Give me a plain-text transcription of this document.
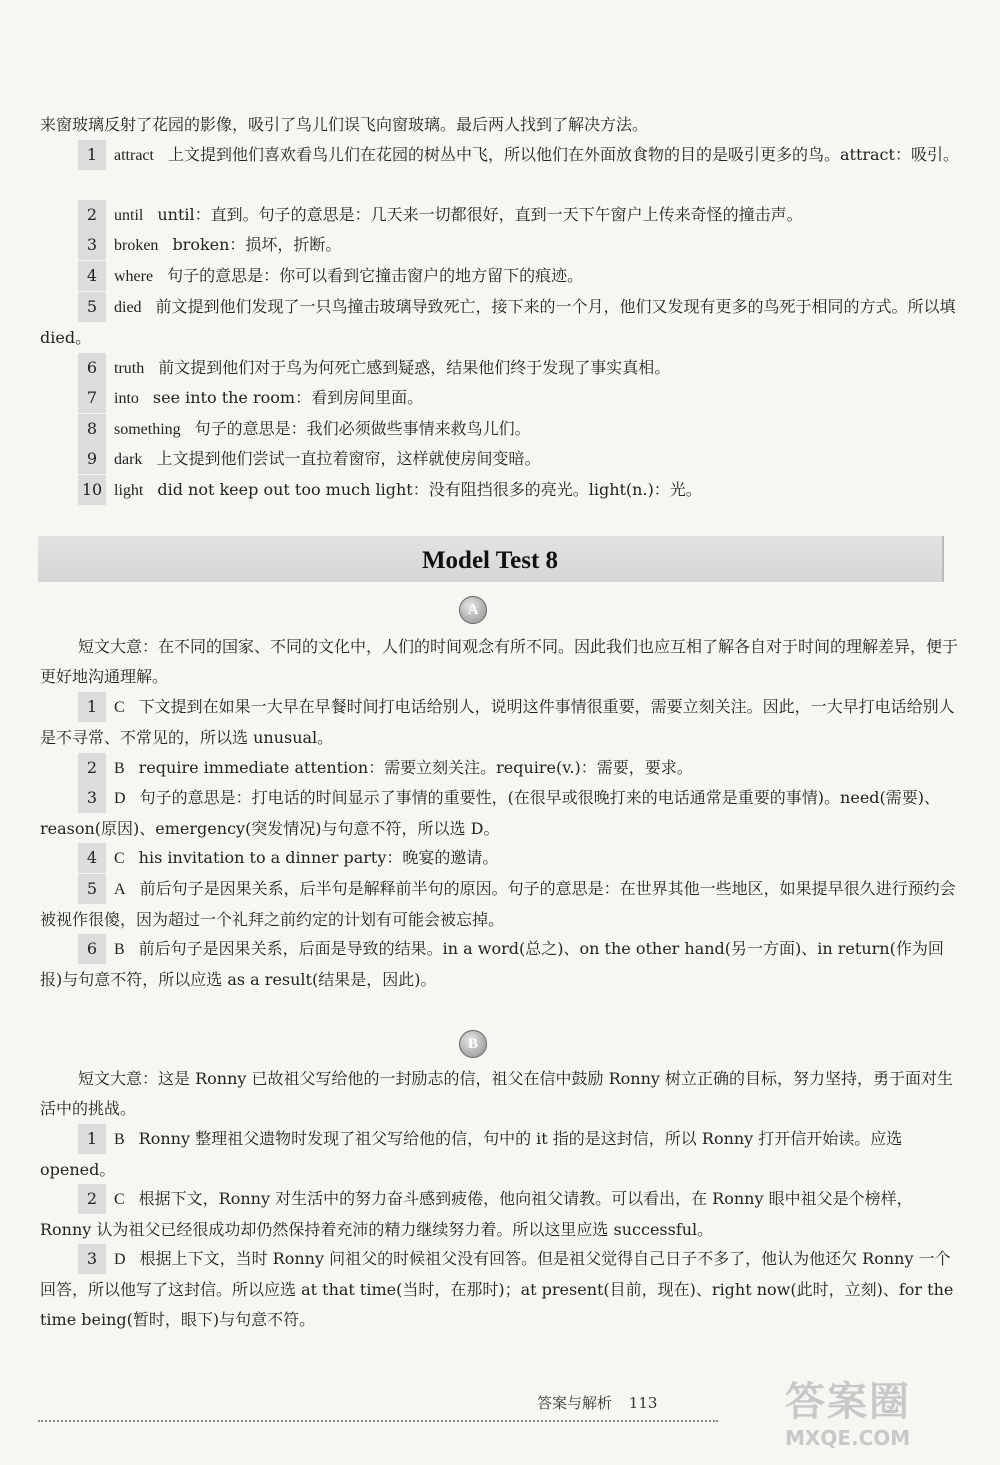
来窗玻璃反射了花园的影像，吸引了鸟儿们误飞向窗玻璃。最后两人找到了解决方法。

1 attract 上文提到他们喜欢看鸟儿们在花园的树丛中飞，所以他们在外面放食物的目的是吸引更多的鸟。attract：吸引。

2 until until：直到。句子的意思是：几天来一切都很好，直到一天下午窗户上传来奇怪的撞击声。

3 broken broken：损坏，折断。

4 where 句子的意思是：你可以看到它撞击窗户的地方留下的痕迹。

5 died 前文提到他们发现了一只鸟撞击玻璃导致死亡，接下来的一个月，他们又发现有更多的鸟死于相同的方式。所以填 died。

6 truth 前文提到他们对于鸟为何死亡感到疑惑，结果他们终于发现了事实真相。

7 into see into the room：看到房间里面。

8 something 句子的意思是：我们必须做些事情来救鸟儿们。

9 dark 上文提到他们尝试一直拉着窗帘，这样就使房间变暗。

10 light did not keep out too much light：没有阻挡很多的亮光。light(n.)：光。

Model Test 8
A

短文大意：在不同的国家、不同的文化中，人们的时间观念有所不同。因此我们也应互相了解各自对于时间的理解差异，便于更好地沟通理解。

1 C 下文提到在如果一大早在早餐时间打电话给别人，说明这件事情很重要，需要立刻关注。因此，一大早打电话给别人是不寻常、不常见的，所以选 unusual。

2 B require immediate attention：需要立刻关注。require(v.)：需要，要求。

3 D 句子的意思是：打电话的时间显示了事情的重要性，(在很早或很晚打来的电话通常是重要的事情)。need(需要)、reason(原因)、emergency(突发情况)与句意不符，所以选 D。

4 C his invitation to a dinner party：晚宴的邀请。

5 A 前后句子是因果关系，后半句是解释前半句的原因。句子的意思是：在世界其他一些地区，如果提早很久进行预约会被视作很傻，因为超过一个礼拜之前约定的计划有可能会被忘掉。

6 B 前后句子是因果关系，后面是导致的结果。in a word(总之)、on the other hand(另一方面)、in return(作为回报)与句意不符，所以应选 as a result(结果是，因此)。

B

短文大意：这是 Ronny 已故祖父写给他的一封励志的信，祖父在信中鼓励 Ronny 树立正确的目标，努力坚持，勇于面对生活中的挑战。

1 B Ronny 整理祖父遗物时发现了祖父写给他的信，句中的 it 指的是这封信，所以 Ronny 打开信开始读。应选 opened。

2 C 根据下文，Ronny 对生活中的努力奋斗感到疲倦，他向祖父请教。可以看出，在 Ronny 眼中祖父是个榜样，Ronny 认为祖父已经很成功却仍然保持着充沛的精力继续努力着。所以这里应选 successful。

3 D 根据上下文，当时 Ronny 问祖父的时候祖父没有回答。但是祖父觉得自己日子不多了，他认为他还欠 Ronny 一个回答，所以他写了这封信。所以应选 at that time(当时，在那时)；at present(目前，现在)、right now(此时，立刻)、for the time being(暂时，眼下)与句意不符。

答案与解析 113	答案圈
MXQE.COM
